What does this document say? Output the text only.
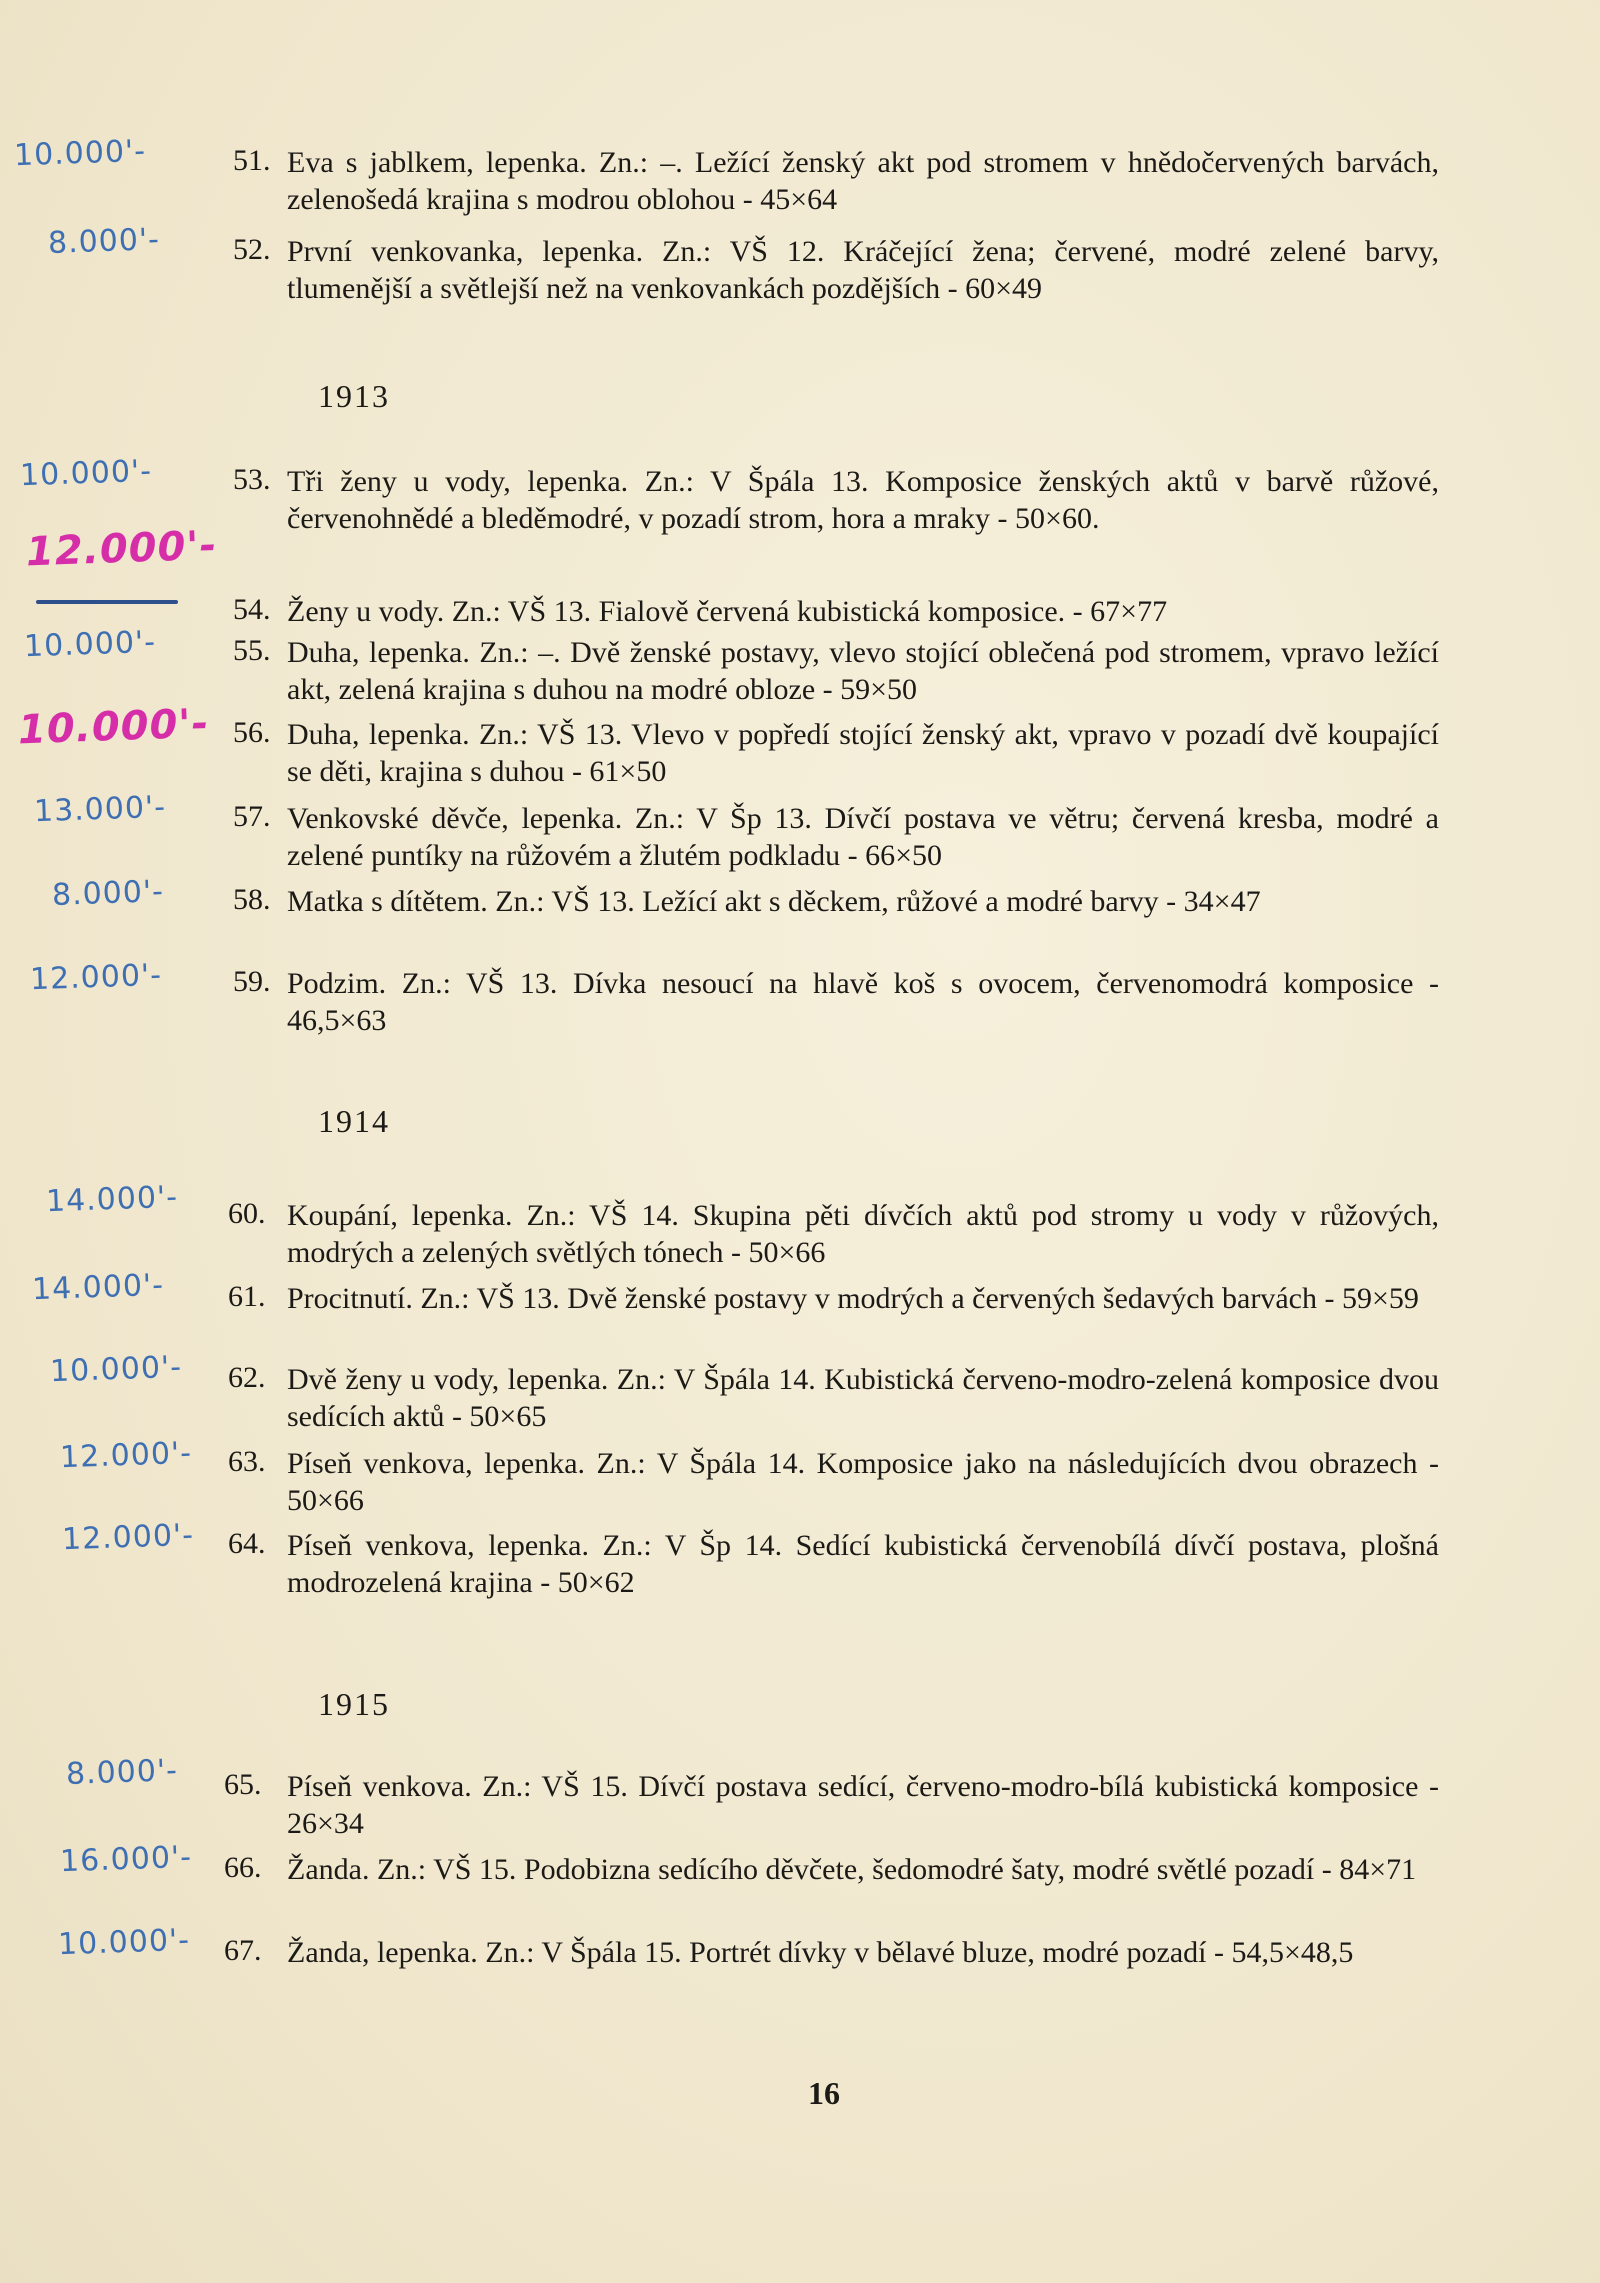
10.000'-	51. Eva s jablkem, lepenka. Zn.: –. Ležící ženský akt pod stromem v hnědočervených barvách, zelenošedá krajina s modrou oblohou - 45×64
8.000'- 52. První venkovanka, lepenka. Zn.: VŠ 12. Kráčející žena; červené, modré zelené barvy, tlumenější a světlejší než na venkovankách pozdějších - 60×49
1913
10.000'-	53. Tři ženy u vody, lepenka. Zn.: V Špála 13. Komposice ženských aktů v barvě růžové, červenohnědé a bleděmodré, v pozadí strom, hora a mraky - 50×60.
12.000'-
54. Ženy u vody. Zn.: VŠ 13. Fialově červená kubistická komposice. - 67×77
10.000'-	55. Duha, lepenka. Zn.: –. Dvě ženské postavy, vlevo stojící oblečená pod stromem, vpravo ležící akt, zelená krajina s duhou na modré obloze - 59×50
10.000'- 56. Duha, lepenka. Zn.: VŠ 13. Vlevo v popředí stojící ženský akt, vpravo v pozadí dvě koupající se děti, krajina s duhou - 61×50
13.000'- 57. Venkovské děvče, lepenka. Zn.: V Šp 13. Dívčí postava ve větru; červená kresba, modré a zelené puntíky na růžovém a žlutém podkladu - 66×50
8.000'- 58. Matka s dítětem. Zn.: VŠ 13. Ležící akt s děckem, růžové a modré barvy - 34×47
12.000'- 59. Podzim. Zn.: VŠ 13. Dívka nesoucí na hlavě koš s ovocem, červenomodrá komposice - 46,5×63
1914
14.000'- 60. Koupání, lepenka. Zn.: VŠ 14. Skupina pěti dívčích aktů pod stromy u vody v růžových, modrých a zelených světlých tónech - 50×66
14.000'- 61. Procitnutí. Zn.: VŠ 13. Dvě ženské postavy v modrých a červených šedavých barvách - 59×59
10.000'- 62. Dvě ženy u vody, lepenka. Zn.: V Špála 14. Kubistická červeno-modro-zelená komposice dvou sedících aktů - 50×65
12.000'- 63. Píseň venkova, lepenka. Zn.: V Špála 14. Komposice jako na následujících dvou obrazech - 50×66
12.000'- 64. Píseň venkova, lepenka. Zn.: V Šp 14. Sedící kubistická červenobílá dívčí postava, plošná modrozelená krajina - 50×62
1915
8.000'- 65. Píseň venkova. Zn.: VŠ 15. Dívčí postava sedící, červeno-modro-bílá kubistická komposice - 26×34
16.000'- 66. Žanda. Zn.: VŠ 15. Podobizna sedícího děvčete, šedomodré šaty, modré světlé pozadí - 84×71
10.000'- 67. Žanda, lepenka. Zn.: V Špála 15. Portrét dívky v bělavé bluze, modré pozadí - 54,5×48,5
16
